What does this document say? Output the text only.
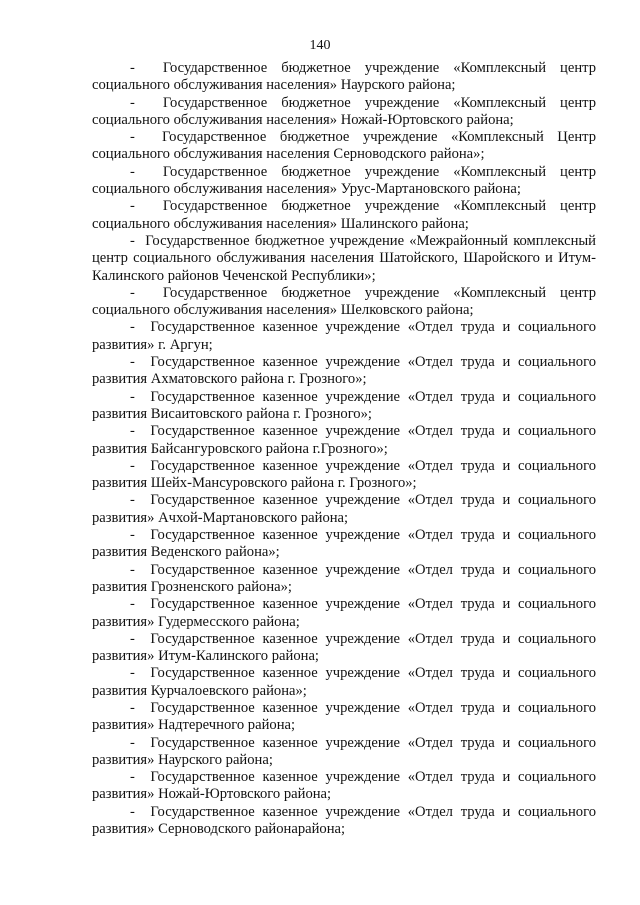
140

-  Государственное бюджетное учреждение «Комплексный центр социального обслуживания населения» Наурского района;

-  Государственное бюджетное учреждение «Комплексный центр социального обслуживания населения» Ножай-Юртовского района;

-  Государственное бюджетное учреждение «Комплексный Центр социального обслуживания населения Серноводского района»;

-  Государственное бюджетное учреждение «Комплексный центр социального обслуживания населения» Урус-Мартановского района;

-  Государственное бюджетное учреждение «Комплексный центр социального обслуживания населения» Шалинского района;

-  Государственное бюджетное учреждение «Межрайонный комплексный центр социального обслуживания населения Шатойского, Шаройского и Итум-Калинского районов Чеченской Республики»;

-  Государственное бюджетное учреждение «Комплексный центр социального обслуживания населения» Шелковского района;

-  Государственное казенное учреждение «Отдел труда и социального развития» г. Аргун;

-  Государственное казенное учреждение «Отдел труда и социального развития Ахматовского района г. Грозного»;

-  Государственное казенное учреждение «Отдел труда и социального развития Висаитовского района г. Грозного»;

-  Государственное казенное учреждение «Отдел труда и социального развития Байсангуровского района г.Грозного»;

-  Государственное казенное учреждение «Отдел труда и социального развития Шейх-Мансуровского района г. Грозного»;

-  Государственное казенное учреждение «Отдел труда и социального развития» Ачхой-Мартановского района;

-  Государственное казенное учреждение «Отдел труда и социального развития Веденского района»;

-  Государственное казенное учреждение «Отдел труда и социального развития Грозненского района»;

-  Государственное казенное учреждение «Отдел труда и социального развития» Гудермесского района;

-  Государственное казенное учреждение «Отдел труда и социального развития» Итум-Калинского района;

-  Государственное казенное учреждение «Отдел труда и социального развития Курчалоевского района»;

-  Государственное казенное учреждение «Отдел труда и социального развития» Надтеречного района;

-  Государственное казенное учреждение «Отдел труда и социального развития» Наурского района;

-  Государственное казенное учреждение «Отдел труда и социального развития» Ножай-Юртовского района;

-  Государственное казенное учреждение «Отдел труда и социального развития» Серноводского районарайона;
